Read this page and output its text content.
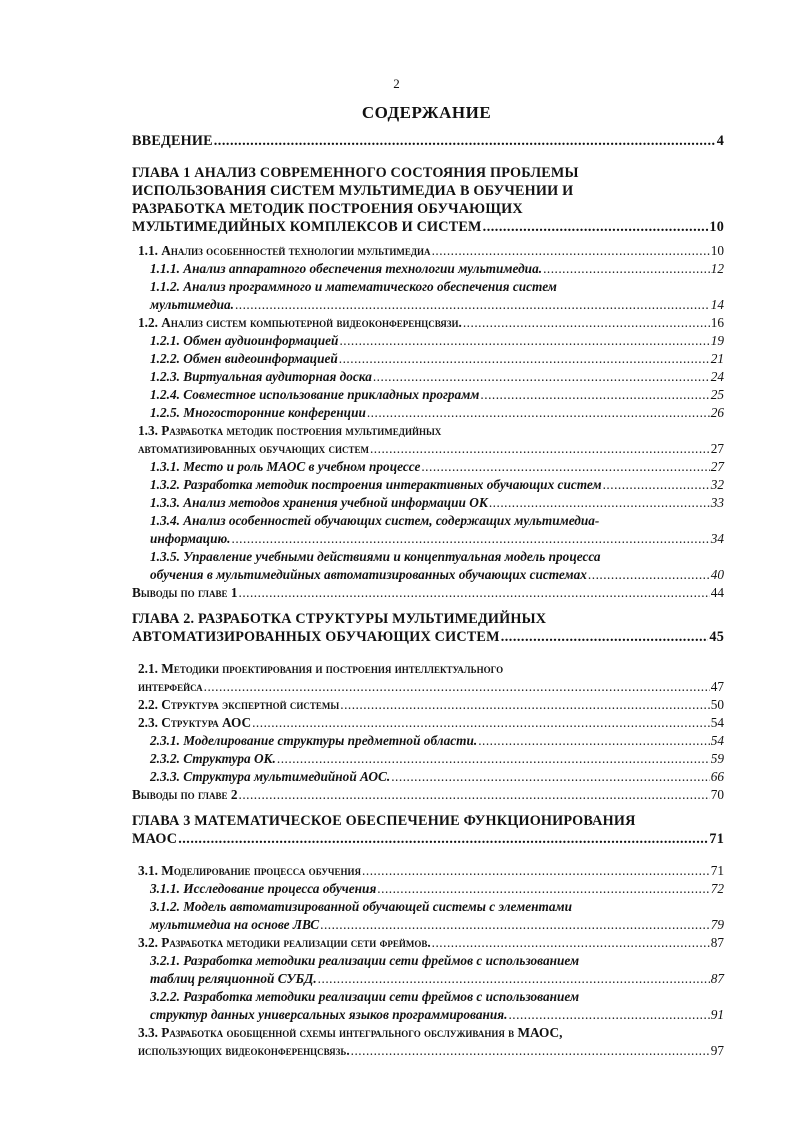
2
СОДЕРЖАНИЕ
ВВЕДЕНИЕ .....	4
ГЛАВА 1 АНАЛИЗ СОВРЕМЕННОГО СОСТОЯНИЯ ПРОБЛЕМЫ
ИСПОЛЬЗОВАНИЯ СИСТЕМ МУЛЬТИМЕДИА В ОБУЧЕНИИ И
РАЗРАБОТКА МЕТОДИК ПОСТРОЕНИЯ ОБУЧАЮЩИХ
МУЛЬТИМЕДИЙНЫХ КОМПЛЕКСОВ И СИСТЕМ .....	10
1.1. Анализ особенностей технологии мультимедиа .....	10
1.1.1. Анализ аппаратного обеспечения технологии мультимедиа. .....	12
1.1.2. Анализ программного и математического обеспечения систем
мультимедиа. .....	14
1.2. Анализ систем компьютерной видеоконференцсвязи. .....	16
1.2.1. Обмен аудиоинформацией .....	19
1.2.2. Обмен видеоинформацией .....	21
1.2.3. Виртуальная аудиторная доска .....	24
1.2.4. Совместное использование прикладных программ .....	25
1.2.5. Многосторонние конференции .....	26
1.3. Разработка методик построения мультимедийных
автоматизированных обучающих систем .....	27
1.3.1. Место и роль МАОС в учебном процессе .....	27
1.3.2. Разработка методик построения интерактивных обучающих систем .....	32
1.3.3. Анализ методов хранения учебной информации ОК .....	33
1.3.4. Анализ особенностей обучающих систем, содержащих мультимедиа-
информацию. .....	34
1.3.5. Управление учебными действиями и концептуальная модель процесса
обучения в мультимедийных автоматизированных обучающих системах .....	40
Выводы по главе 1 .....	44
ГЛАВА 2. РАЗРАБОТКА СТРУКТУРЫ МУЛЬТИМЕДИЙНЫХ
АВТОМАТИЗИРОВАННЫХ ОБУЧАЮЩИХ СИСТЕМ .....	45
2.1. Методики проектирования и построения интеллектуального
интерфейса .....	47
2.2. Структура экспертной системы .....	50
2.3. Структура АОС .....	54
2.3.1. Моделирование структуры предметной области. .....	54
2.3.2. Структура ОК. .....	59
2.3.3. Структура мультимедийной АОС. .....	66
Выводы по главе 2 .....	70
ГЛАВА 3 МАТЕМАТИЧЕСКОЕ ОБЕСПЕЧЕНИЕ ФУНКЦИОНИРОВАНИЯ
МАОС .....	71
3.1. Моделирование процесса обучения .....	71
3.1.1. Исследование процесса обучения .....	72
3.1.2. Модель автоматизированной обучающей системы с элементами
мультимедиа на основе ЛВС .....	79
3.2. Разработка методики реализации сети фреймов. .....	87
3.2.1. Разработка методики реализации сети фреймов с использованием
таблиц реляционной СУБД. .....	87
3.2.2. Разработка методики реализации сети фреймов с использованием
структур данных универсальных языков программирования. .....	91
3.3. Разработка обобщенной схемы интегрального обслуживания в МАОС,
использующих видеоконференцсвязь. .....	97
